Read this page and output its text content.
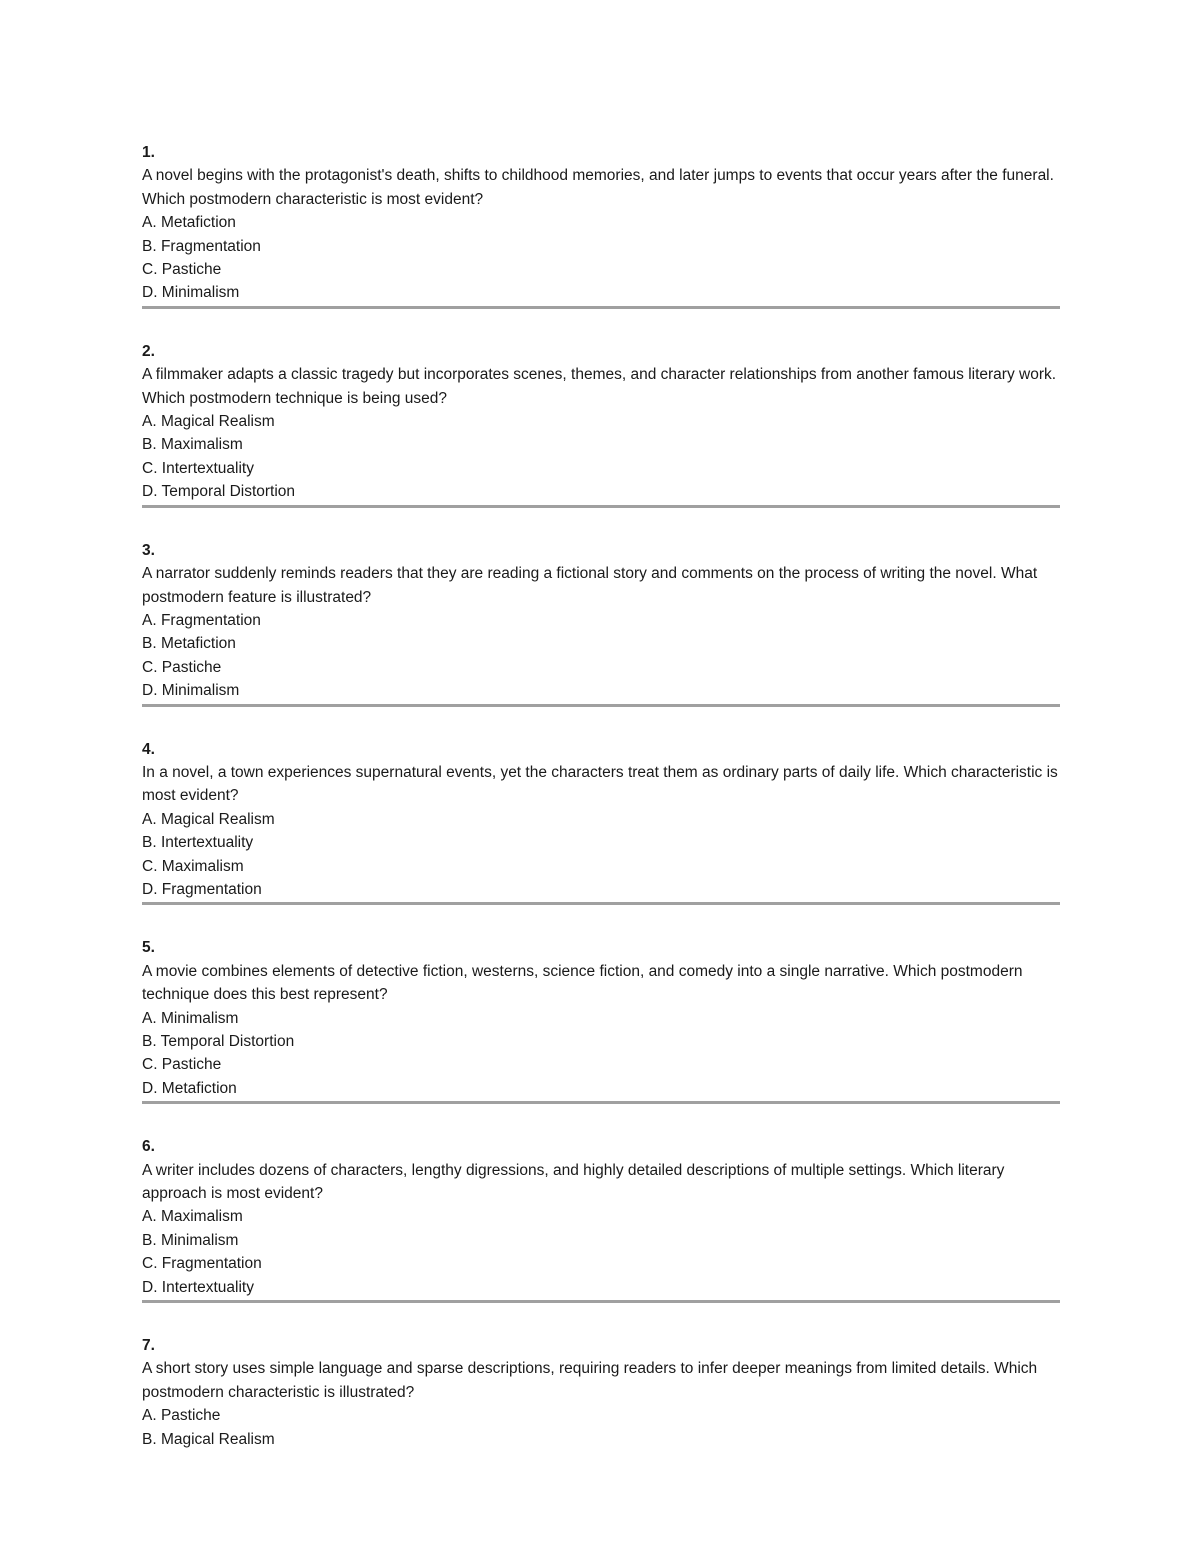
1.

A novel begins with the protagonist's death, shifts to childhood memories, and later jumps to events that occur years after the funeral. Which postmodern characteristic is most evident?

A. Metafiction
B. Fragmentation
C. Pastiche
D. Minimalism
2.

A filmmaker adapts a classic tragedy but incorporates scenes, themes, and character relationships from another famous literary work. Which postmodern technique is being used?

A. Magical Realism
B. Maximalism
C. Intertextuality
D. Temporal Distortion
3.

A narrator suddenly reminds readers that they are reading a fictional story and comments on the process of writing the novel. What postmodern feature is illustrated?

A. Fragmentation
B. Metafiction
C. Pastiche
D. Minimalism
4.

In a novel, a town experiences supernatural events, yet the characters treat them as ordinary parts of daily life. Which characteristic is most evident?

A. Magical Realism
B. Intertextuality
C. Maximalism
D. Fragmentation
5.

A movie combines elements of detective fiction, westerns, science fiction, and comedy into a single narrative. Which postmodern technique does this best represent?

A. Minimalism
B. Temporal Distortion
C. Pastiche
D. Metafiction
6.

A writer includes dozens of characters, lengthy digressions, and highly detailed descriptions of multiple settings. Which literary approach is most evident?

A. Maximalism
B. Minimalism
C. Fragmentation
D. Intertextuality
7.

A short story uses simple language and sparse descriptions, requiring readers to infer deeper meanings from limited details. Which postmodern characteristic is illustrated?

A. Pastiche
B. Magical Realism
